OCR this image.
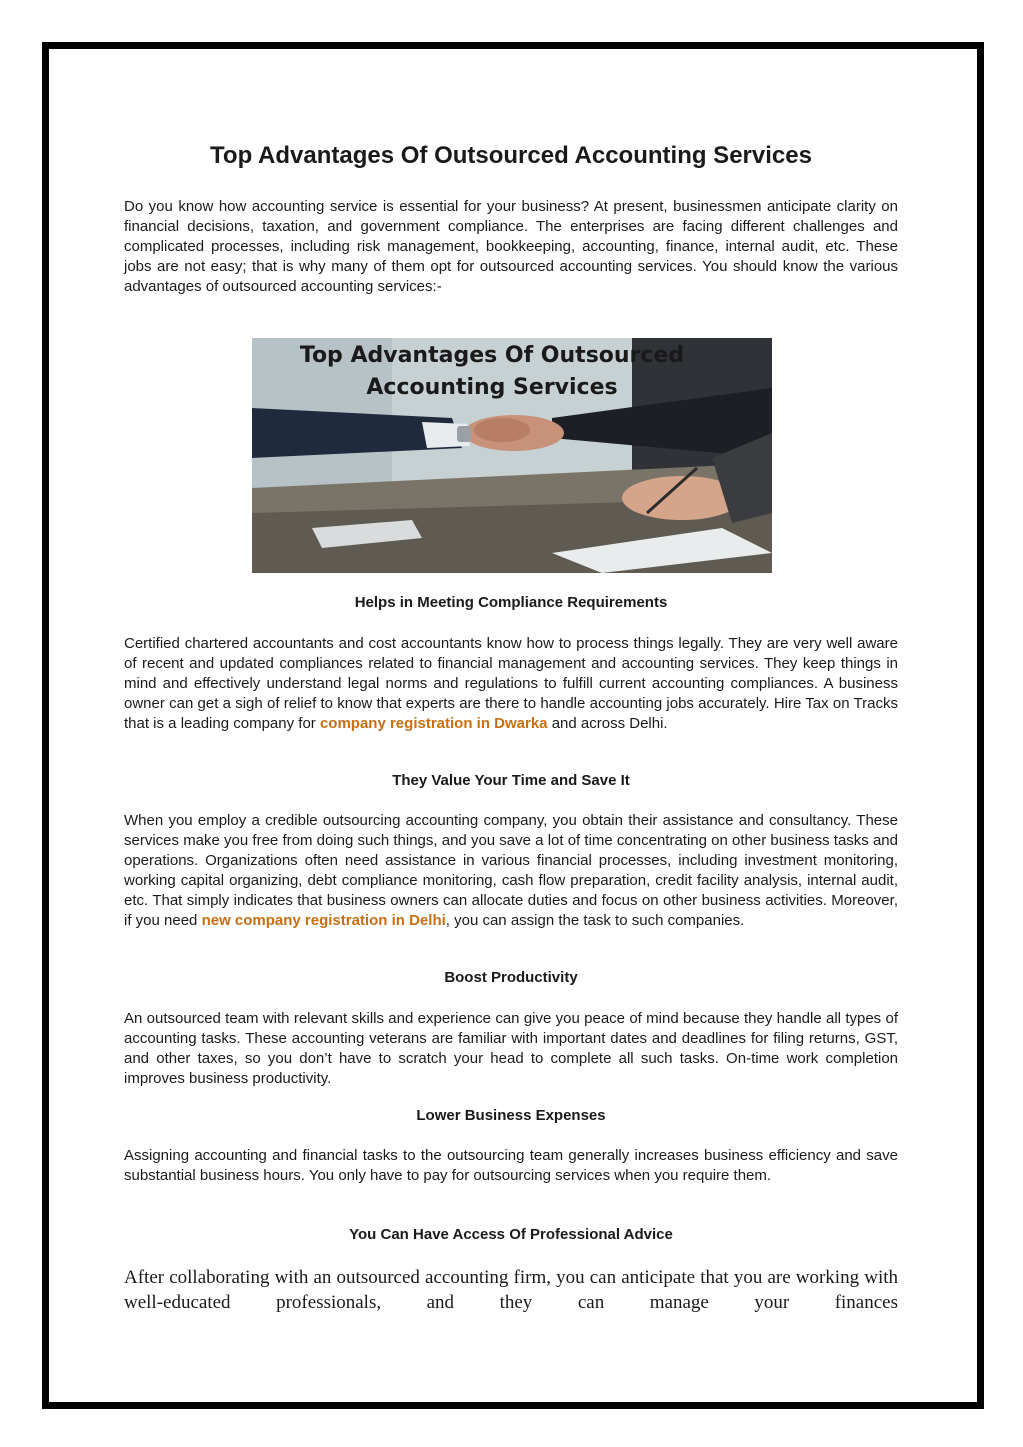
Top Advantages Of Outsourced Accounting Services

Do you know how accounting service is essential for your business? At present, businessmen anticipate clarity on financial decisions, taxation, and government compliance. The enterprises are facing different challenges and complicated processes, including risk management, bookkeeping, accounting, finance, internal audit, etc. These jobs are not easy; that is why many of them opt for outsourced accounting services. You should know the various advantages of outsourced accounting services:-

Top Advantages Of Outsourced
Accounting Services
Helps in Meeting Compliance Requirements

Certified chartered accountants and cost accountants know how to process things legally. They are very well aware of recent and updated compliances related to financial management and accounting services. They keep things in mind and effectively understand legal norms and regulations to fulfill current accounting compliances. A business owner can get a sigh of relief to know that experts are there to handle accounting jobs accurately. Hire Tax on Tracks that is a leading company for company registration in Dwarka and across Delhi.

They Value Your Time and Save It

When you employ a credible outsourcing accounting company, you obtain their assistance and consultancy. These services make you free from doing such things, and you save a lot of time concentrating on other business tasks and operations. Organizations often need assistance in various financial processes, including investment monitoring, working capital organizing, debt compliance monitoring, cash flow preparation, credit facility analysis, internal audit, etc. That simply indicates that business owners can allocate duties and focus on other business activities. Moreover, if you need new company registration in Delhi, you can assign the task to such companies.

Boost Productivity

An outsourced team with relevant skills and experience can give you peace of mind because they handle all types of accounting tasks. These accounting veterans are familiar with important dates and deadlines for filing returns, GST, and other taxes, so you don’t have to scratch your head to complete all such tasks. On-time work completion improves business productivity.

Lower Business Expenses

Assigning accounting and financial tasks to the outsourcing team generally increases business efficiency and save substantial business hours. You only have to pay for outsourcing services when you require them.

You Can Have Access Of Professional Advice

After collaborating with an outsourced accounting firm, you can anticipate that you are working with well-educated professionals, and they can manage your finances
